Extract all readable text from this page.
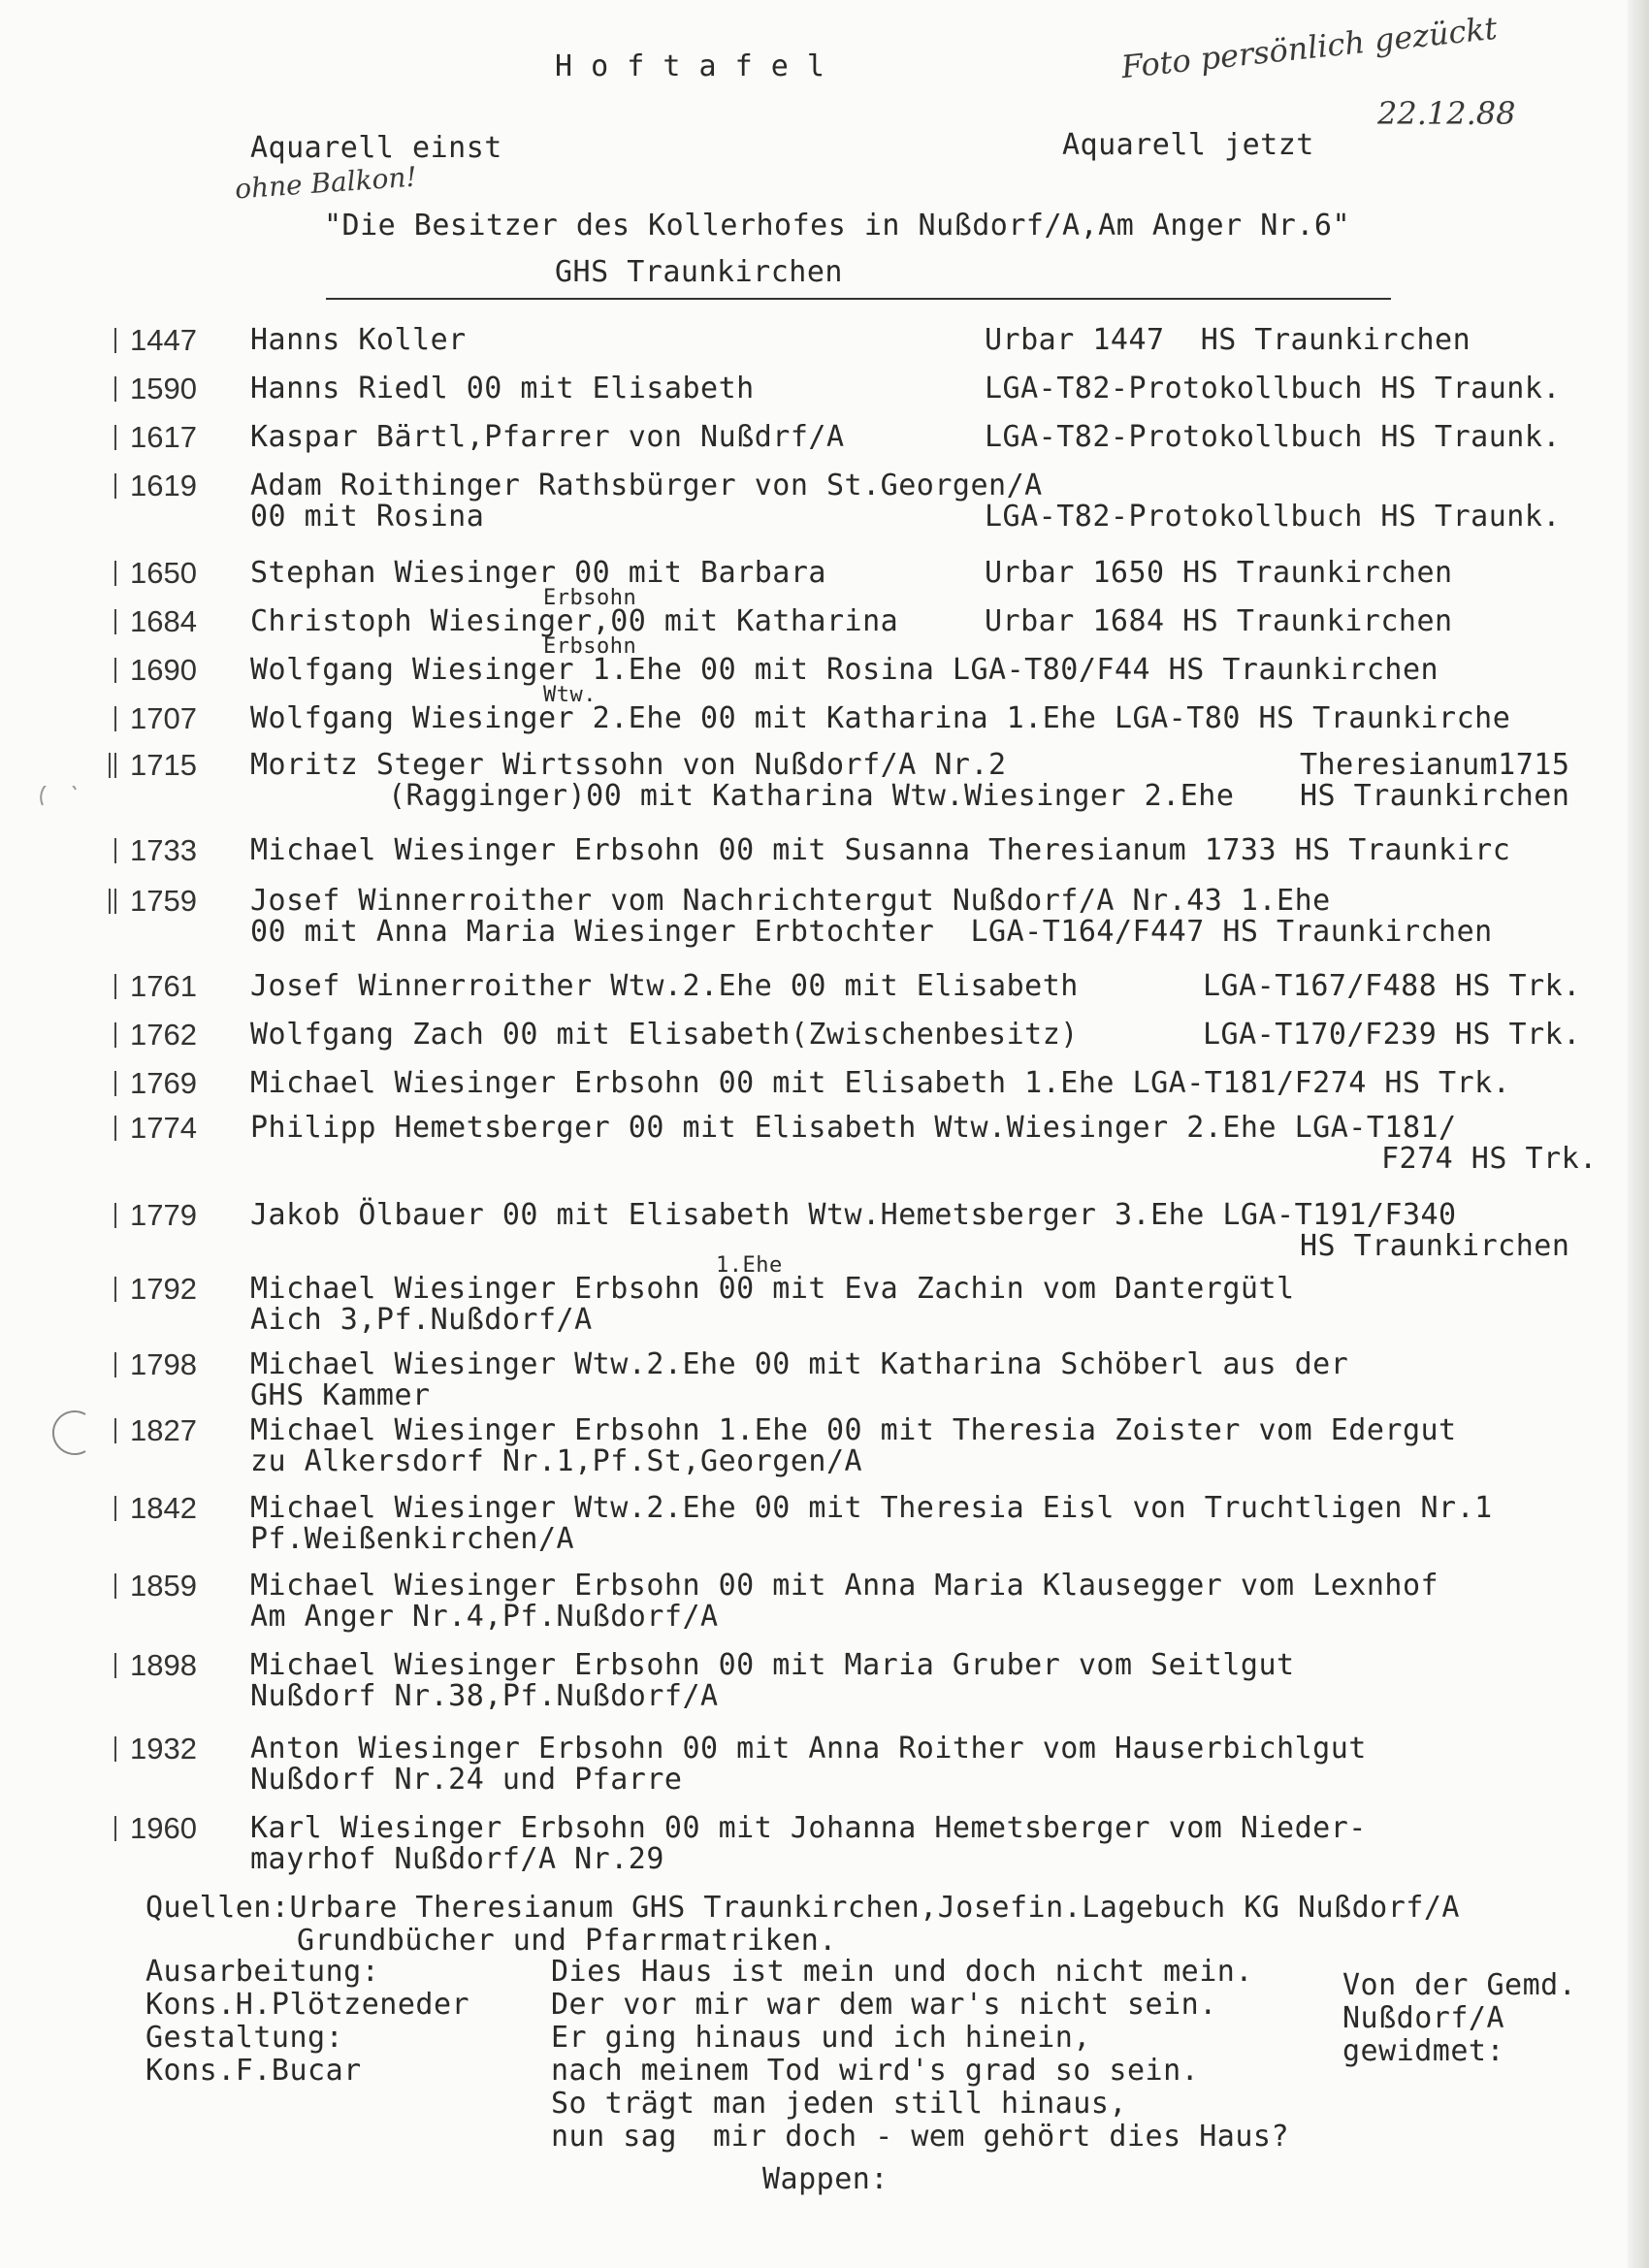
H o f t a f e l	Foto persönlich gezückt
22.12.88
Aquarell einst
ohne Balkon!
Aquarell jetzt
"Die Besitzer des Kollerhofes in Nußdorf/A,Am Anger Nr.6"
GHS Traunkirchen
1447 Hanns Koller	Urbar 1447  HS Traunkirchen
1590 Hanns Riedl 00 mit Elisabeth	LGA-T82-Protokollbuch HS Traunk.
1617 Kaspar Bärtl,Pfarrer von Nußdrf/A	LGA-T82-Protokollbuch HS Traunk.
1619 Adam Roithinger Rathsbürger von St.Georgen/A
00 mit Rosina	LGA-T82-Protokollbuch HS Traunk.
1650 Stephan Wiesinger 00 mit Barbara	Urbar 1650 HS Traunkirchen
1684 Christoph Wiesinger,00 mit Katharina	Urbar 1684 HS Traunkirchen
Erbsohn
1690 Wolfgang Wiesinger 1.Ehe 00 mit Rosina LGA-T80/F44 HS Traunkirchen
Erbsohn
1707 Wolfgang Wiesinger 2.Ehe 00 mit Katharina 1.Ehe LGA-T80 HS Traunkirche
Wtw.
1715 Moritz Steger Wirtssohn von Nußdorf/A Nr.2
(Ragginger)00 mit Katharina Wtw.Wiesinger 2.Ehe
Theresianum1715
HS Traunkirchen
1733 Michael Wiesinger Erbsohn 00 mit Susanna Theresianum 1733 HS Traunkirc
1759 Josef Winnerroither vom Nachrichtergut Nußdorf/A Nr.43 1.Ehe
00 mit Anna Maria Wiesinger Erbtochter  LGA-T164/F447 HS Traunkirchen
1761 Josef Winnerroither Wtw.2.Ehe 00 mit Elisabeth	LGA-T167/F488 HS Trk.
1762 Wolfgang Zach 00 mit Elisabeth(Zwischenbesitz)	LGA-T170/F239 HS Trk.
1769 Michael Wiesinger Erbsohn 00 mit Elisabeth 1.Ehe LGA-T181/F274 HS Trk.
1774 Philipp Hemetsberger 00 mit Elisabeth Wtw.Wiesinger 2.Ehe LGA-T181/
F274 HS Trk.
1779 Jakob Ölbauer 00 mit Elisabeth Wtw.Hemetsberger 3.Ehe LGA-T191/F340
HS Traunkirchen
1792 Michael Wiesinger Erbsohn 00 mit Eva Zachin vom Dantergütl
Aich 3,Pf.Nußdorf/A
1.Ehe
1798 Michael Wiesinger Wtw.2.Ehe 00 mit Katharina Schöberl aus der
GHS Kammer
1827 Michael Wiesinger Erbsohn 1.Ehe 00 mit Theresia Zoister vom Edergut
zu Alkersdorf Nr.1,Pf.St,Georgen/A
1842 Michael Wiesinger Wtw.2.Ehe 00 mit Theresia Eisl von Truchtligen Nr.1
Pf.Weißenkirchen/A
1859 Michael Wiesinger Erbsohn 00 mit Anna Maria Klausegger vom Lexnhof
Am Anger Nr.4,Pf.Nußdorf/A
1898 Michael Wiesinger Erbsohn 00 mit Maria Gruber vom Seitlgut
Nußdorf Nr.38,Pf.Nußdorf/A
1932 Anton Wiesinger Erbsohn 00 mit Anna Roither vom Hauserbichlgut
Nußdorf Nr.24 und Pfarre
1960 Karl Wiesinger Erbsohn 00 mit Johanna Hemetsberger vom Nieder-
mayrhof Nußdorf/A Nr.29
Quellen:Urbare Theresianum GHS Traunkirchen,Josefin.Lagebuch KG Nußdorf/A
Grundbücher und Pfarrmatriken.
Ausarbeitung:
Kons.H.Plötzeneder
Gestaltung:
Kons.F.Bucar
Dies Haus ist mein und doch nicht mein.
Der vor mir war dem war's nicht sein.
Er ging hinaus und ich hinein,
nach meinem Tod wird's grad so sein.
So trägt man jeden still hinaus,
nun sag  mir doch - wem gehört dies Haus?
Von der Gemd.
Nußdorf/A
gewidmet:
Wappen:
